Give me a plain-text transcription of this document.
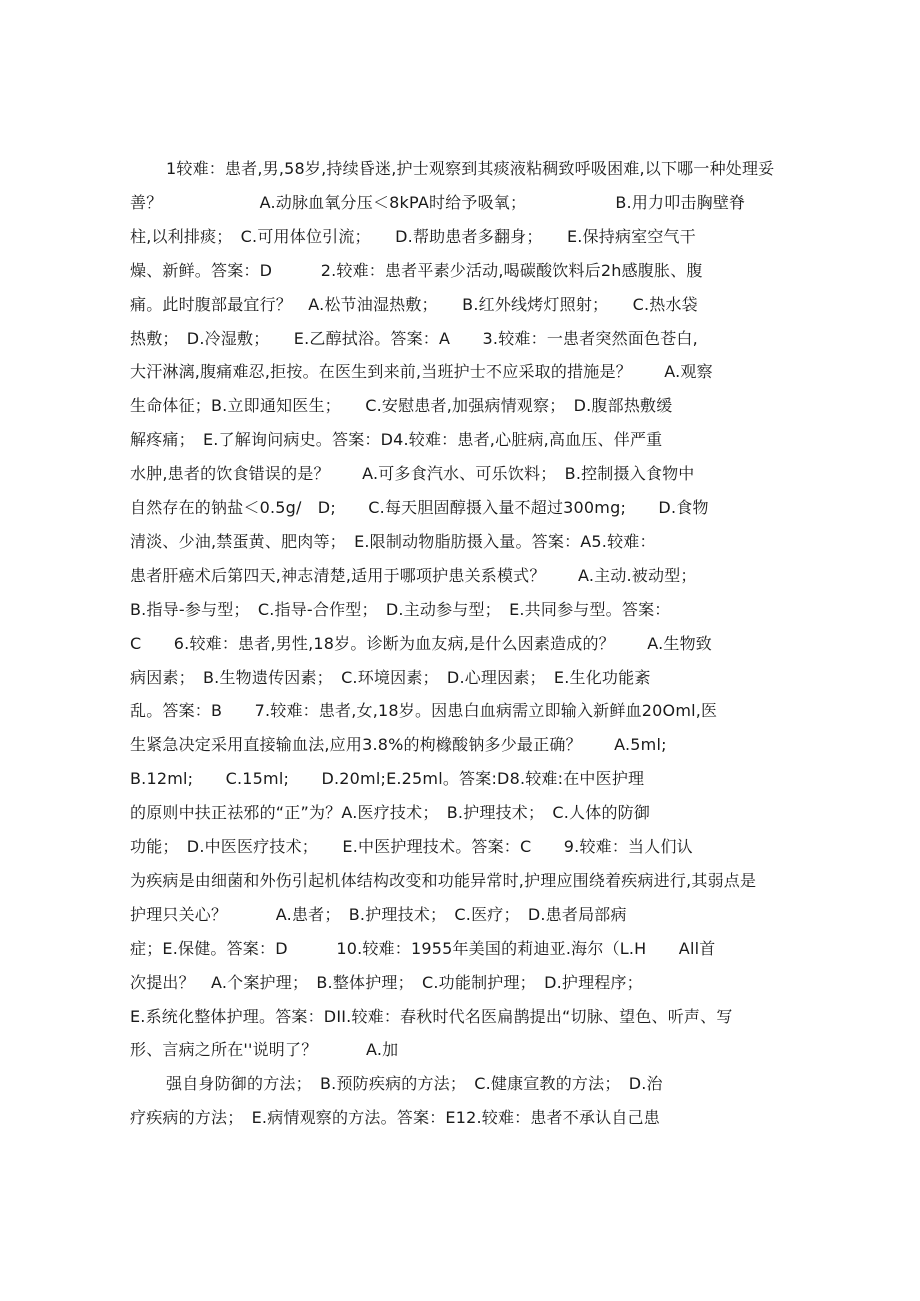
1较难：患者,男,58岁,持续昏迷,护士观察到其痰液粘稠致呼吸困难,以下哪一种处理妥
善？　　　　　　A.动脉血氧分压＜8kPA时给予吸氧；　　　　　　B.用力叩击胸壁脊
柱,以利排痰；　C.可用体位引流；　　D.帮助患者多翻身；　　E.保持病室空气干
燥、新鲜。答案：D　　　2.较难：患者平素少活动,喝碳酸饮料后2h感腹胀、腹
痛。此时腹部最宜行？　A.松节油湿热敷；　　B.红外线烤灯照射；　　C.热水袋
热敷；　D.冷湿敷；　　E.乙醇拭浴。答案：A　　3.较难：一患者突然面色苍白,
大汗淋漓,腹痛难忍,拒按。在医生到来前,当班护士不应采取的措施是？　　A.观察
生命体征；B.立即通知医生；　　C.安慰患者,加强病情观察；　D.腹部热敷缓
解疼痛；　E.了解询问病史。答案：D4.较难：患者,心脏病,高血压、伴严重
水肿,患者的饮食错误的是？　　A.可多食汽水、可乐饮料；　B.控制摄入食物中
自然存在的钠盐＜0.5g∕　D;　　C.每天胆固醇摄入量不超过300mg;　　D.食物
清淡、少油,禁蛋黄、肥肉等；　E.限制动物脂肪摄入量。答案：A5.较难：
患者肝癌术后第四天,神志清楚,适用于哪项护患关系模式？　　A.主动.被动型；
B.指导-参与型；　C.指导-合作型；　D.主动参与型；　E.共同参与型。答案：
C　　6.较难：患者,男性,18岁。诊断为血友病,是什么因素造成的？　　A.生物致
病因素；　B.生物遗传因素；　C.环境因素；　D.心理因素；　E.生化功能紊
乱。答案：B　　7.较难：患者,女,18岁。因患白血病需立即输入新鲜血20Oml,医
生紧急决定采用直接输血法,应用3.8%的枸橼酸钠多少最正确？　　A.5ml;
B.12ml;　　C.15ml;　　D.20ml;E.25ml。答案:D8.较难:在中医护理
的原则中扶正祛邪的“正”为？A.医疗技术；　B.护理技术；　C.人体的防御
功能；　D.中医医疗技术；　　E.中医护理技术。答案：C　　9.较难：当人们认
为疾病是由细菌和外伤引起机体结构改变和功能异常时,护理应围绕着疾病进行,其弱点是
护理只关心？　　　A.患者；　B.护理技术；　C.医疗；　D.患者局部病
症；E.保健。答案：D　　　10.较难：1955年美国的莉迪亚.海尔（L.H　　All首
次提出？　A.个案护理；　B.整体护理；　C.功能制护理；　D.护理程序；
E.系统化整体护理。答案：DII.较难：春秋时代名医扁鹊提出“切脉、望色、听声、写
形、言病之所在''说明了？　　　A.加
强自身防御的方法；　B.预防疾病的方法；　C.健康宣教的方法；　D.治
疗疾病的方法；　E.病情观察的方法。答案：E12.较难：患者不承认自己患
